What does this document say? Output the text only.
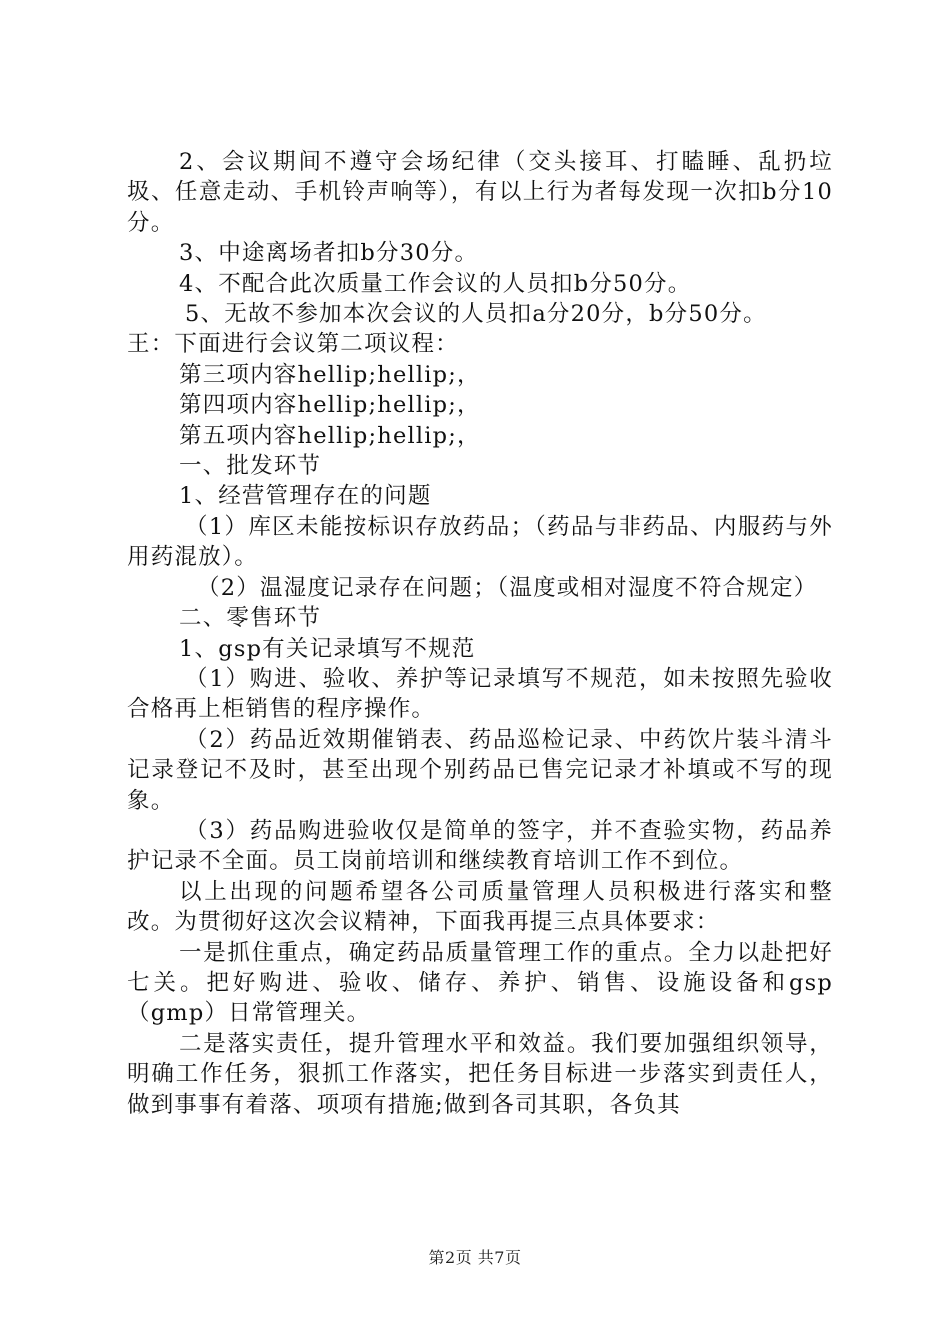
2、会议期间不遵守会场纪律（交头接耳、打瞌睡、乱扔垃圾、任意走动、手机铃声响等），有以上行为者每发现一次扣b分10分。

3、中途离场者扣b分30分。

4、不配合此次质量工作会议的人员扣b分50分。

5、无故不参加本次会议的人员扣a分20分，b分50分。

王：下面进行会议第二项议程：

第三项内容hellip;hellip;，

第四项内容hellip;hellip;，

第五项内容hellip;hellip;，

一、批发环节

1、经营管理存在的问题

（1）库区未能按标识存放药品；（药品与非药品、内服药与外用药混放）。

（2）温湿度记录存在问题；（温度或相对湿度不符合规定）

二、零售环节

1、gsp有关记录填写不规范

（1）购进、验收、养护等记录填写不规范，如未按照先验收合格再上柜销售的程序操作。

（2）药品近效期催销表、药品巡检记录、中药饮片装斗清斗记录登记不及时，甚至出现个别药品已售完记录才补填或不写的现象。

（3）药品购进验收仅是简单的签字，并不查验实物，药品养护记录不全面。员工岗前培训和继续教育培训工作不到位。

以上出现的问题希望各公司质量管理人员积极进行落实和整改。为贯彻好这次会议精神，下面我再提三点具体要求：

一是抓住重点，确定药品质量管理工作的重点。全力以赴把好七关。把好购进、验收、储存、养护、销售、设施设备和gsp（gmp）日常管理关。

二是落实责任，提升管理水平和效益。我们要加强组织领导，明确工作任务，狠抓工作落实，把任务目标进一步落实到责任人，做到事事有着落、项项有措施;做到各司其职，各负其

第2页 共7页
